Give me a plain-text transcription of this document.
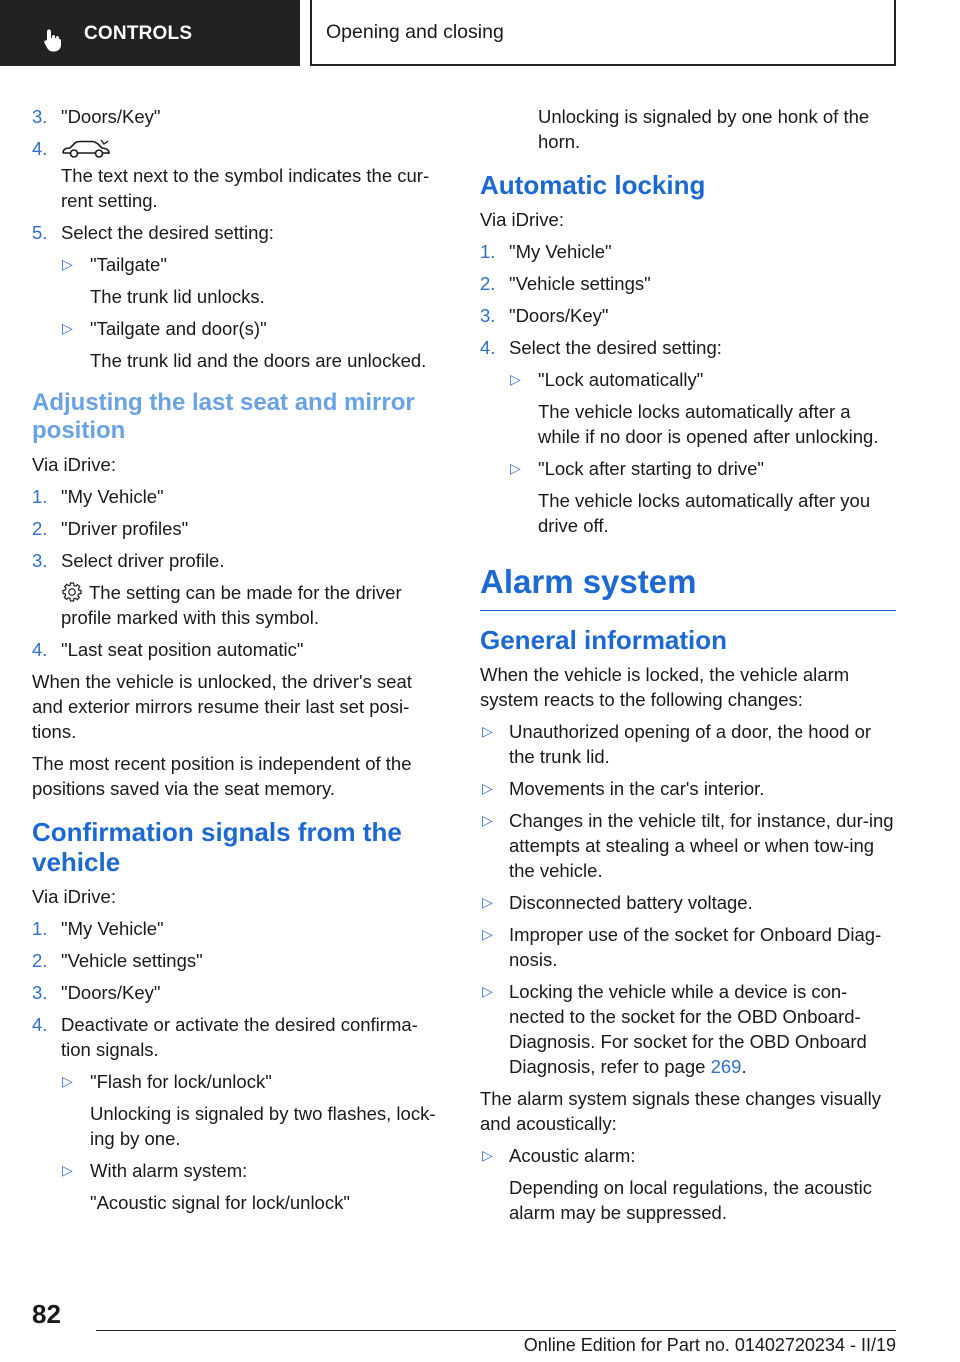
CONTROLS	Opening and closing
3. "Doors/Key"
4.
The text next to the symbol indicates the cur-rent setting.
5. Select the desired setting:
▷ "Tailgate"
The trunk lid unlocks.
▷ "Tailgate and door(s)"
The trunk lid and the doors are unlocked.
Adjusting the last seat and mirror position

Via iDrive:

1. "My Vehicle"
2. "Driver profiles"
3. Select driver profile.
The setting can be made for the driver profile marked with this symbol.
4. "Last seat position automatic"

When the vehicle is unlocked, the driver's seat and exterior mirrors resume their last set posi-tions.

The most recent position is independent of the positions saved via the seat memory.

Confirmation signals from the vehicle

Via iDrive:

1. "My Vehicle"
2. "Vehicle settings"
3. "Doors/Key"
4. Deactivate or activate the desired confirma-tion signals.
▷ "Flash for lock/unlock"
Unlocking is signaled by two flashes, lock-ing by one.
▷ With alarm system:
"Acoustic signal for lock/unlock"
Unlocking is signaled by one honk of the horn.
Automatic locking

Via iDrive:

1. "My Vehicle"
2. "Vehicle settings"
3. "Doors/Key"
4. Select the desired setting:
▷ "Lock automatically"
The vehicle locks automatically after a while if no door is opened after unlocking.
▷ "Lock after starting to drive"
The vehicle locks automatically after you drive off.
Alarm system
General information

When the vehicle is locked, the vehicle alarm system reacts to the following changes:

▷ Unauthorized opening of a door, the hood or the trunk lid.
▷ Movements in the car's interior.
▷ Changes in the vehicle tilt, for instance, dur-ing attempts at stealing a wheel or when tow-ing the vehicle.
▷ Disconnected battery voltage.
▷ Improper use of the socket for Onboard Diag-nosis.
▷ Locking the vehicle while a device is con-nected to the socket for the OBD Onboard-Diagnosis. For socket for the OBD Onboard Diagnosis, refer to page 269.

The alarm system signals these changes visually and acoustically:

▷ Acoustic alarm:
Depending on local regulations, the acoustic alarm may be suppressed.
82
Online Edition for Part no. 01402720234 - II/19
